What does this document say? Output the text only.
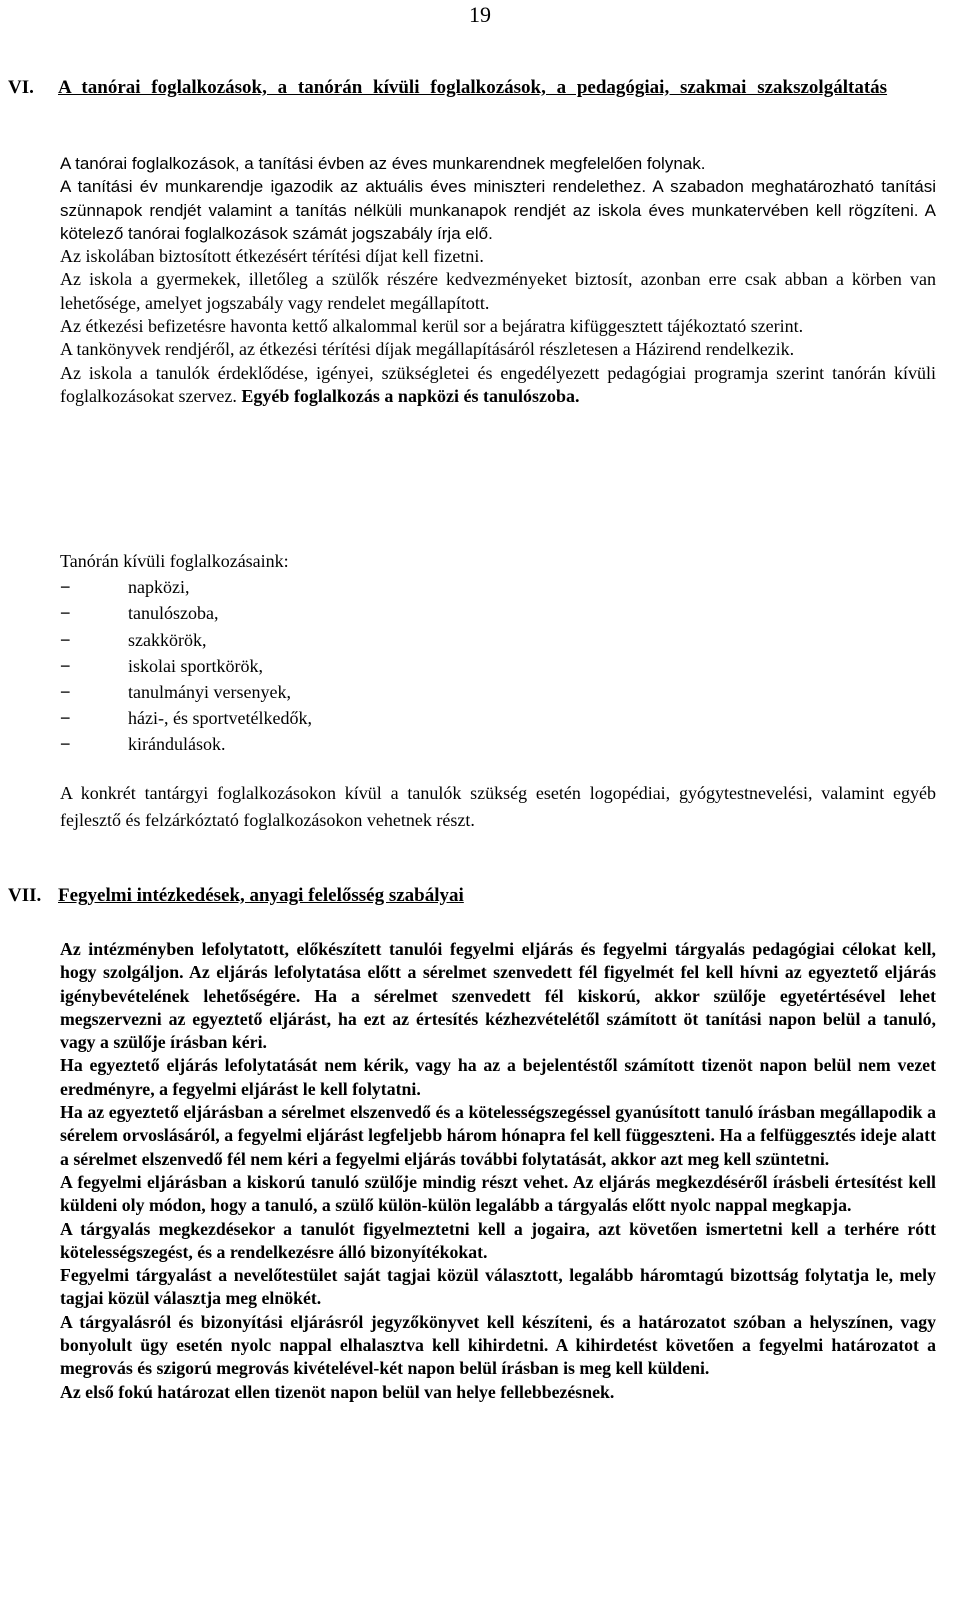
19
VI. A tanórai foglalkozások, a tanórán kívüli foglalkozások, a pedagógiai, szakmai szakszolgáltatás

A tanórai foglalkozások, a tanítási évben az éves munkarendnek megfelelően folynak.

A tanítási év munkarendje igazodik az aktuális éves miniszteri rendelethez. A szabadon meghatározható tanítási szünnapok rendjét valamint a tanítás nélküli munkanapok rendjét az iskola éves munkatervében kell rögzíteni. A kötelező tanórai foglalkozások számát jogszabály írja elő.

Az iskolában biztosított étkezésért térítési díjat kell fizetni.

Az iskola a gyermekek, illetőleg a szülők részére kedvezményeket biztosít, azonban erre csak abban a körben van lehetősége, amelyet jogszabály vagy rendelet megállapított.

Az étkezési befizetésre havonta kettő alkalommal kerül sor a bejáratra kifüggesztett tájékoztató szerint.

A tankönyvek rendjéről, az étkezési térítési díjak megállapításáról részletesen a Házirend rendelkezik.

Az iskola a tanulók érdeklődése, igényei, szükségletei és engedélyezett pedagógiai programja szerint tanórán kívüli foglalkozásokat szervez. Egyéb foglalkozás a napközi és tanulószoba.

Tanórán kívüli foglalkozásaink:

−	napközi,
−	tanulószoba,
−	szakkörök,
−	iskolai sportkörök,
−	tanulmányi versenyek,
−	házi-, és sportvetélkedők,
−	kirándulások.

A konkrét tantárgyi foglalkozásokon kívül a tanulók szükség esetén logopédiai, gyógytestnevelési, valamint egyéb fejlesztő és felzárkóztató foglalkozásokon vehetnek részt.

VII. Fegyelmi intézkedések, anyagi felelősség szabályai

Az intézményben lefolytatott, előkészített tanulói fegyelmi eljárás és fegyelmi tárgyalás pedagógiai célokat kell, hogy szolgáljon. Az eljárás lefolytatása előtt a sérelmet szenvedett fél figyelmét fel kell hívni az egyeztető eljárás igénybevételének lehetőségére. Ha a sérelmet szenvedett fél kiskorú, akkor szülője egyetértésével lehet megszervezni az egyeztető eljárást, ha ezt az értesítés kézhezvételétől számított öt tanítási napon belül a tanuló, vagy a szülője írásban kéri.

Ha egyeztető eljárás lefolytatását nem kérik, vagy ha az a bejelentéstől számított tizenöt napon belül nem vezet eredményre, a fegyelmi eljárást le kell folytatni.

Ha az egyeztető eljárásban a sérelmet elszenvedő és a kötelességszegéssel gyanúsított tanuló írásban megállapodik a sérelem orvoslásáról, a fegyelmi eljárást legfeljebb három hónapra fel kell függeszteni. Ha a felfüggesztés ideje alatt a sérelmet elszenvedő fél nem kéri a fegyelmi eljárás további folytatását, akkor azt meg kell szüntetni.

A fegyelmi eljárásban a kiskorú tanuló szülője mindig részt vehet. Az eljárás megkezdéséről írásbeli értesítést kell küldeni oly módon, hogy a tanuló, a szülő külön-külön legalább a tárgyalás előtt nyolc nappal megkapja.

A tárgyalás megkezdésekor a tanulót figyelmeztetni kell a jogaira, azt követően ismertetni kell a terhére rótt kötelességszegést, és a rendelkezésre álló bizonyítékokat.

Fegyelmi tárgyalást a nevelőtestület saját tagjai közül választott, legalább háromtagú bizottság folytatja le, mely tagjai közül választja meg elnökét.

A tárgyalásról és bizonyítási eljárásról jegyzőkönyvet kell készíteni, és a határozatot szóban a helyszínen, vagy bonyolult ügy esetén nyolc nappal elhalasztva kell kihirdetni. A kihirdetést követően a fegyelmi határozatot a megrovás és szigorú megrovás kivételével-két napon belül írásban is meg kell küldeni.

Az első fokú határozat ellen tizenöt napon belül van helye fellebbezésnek.
